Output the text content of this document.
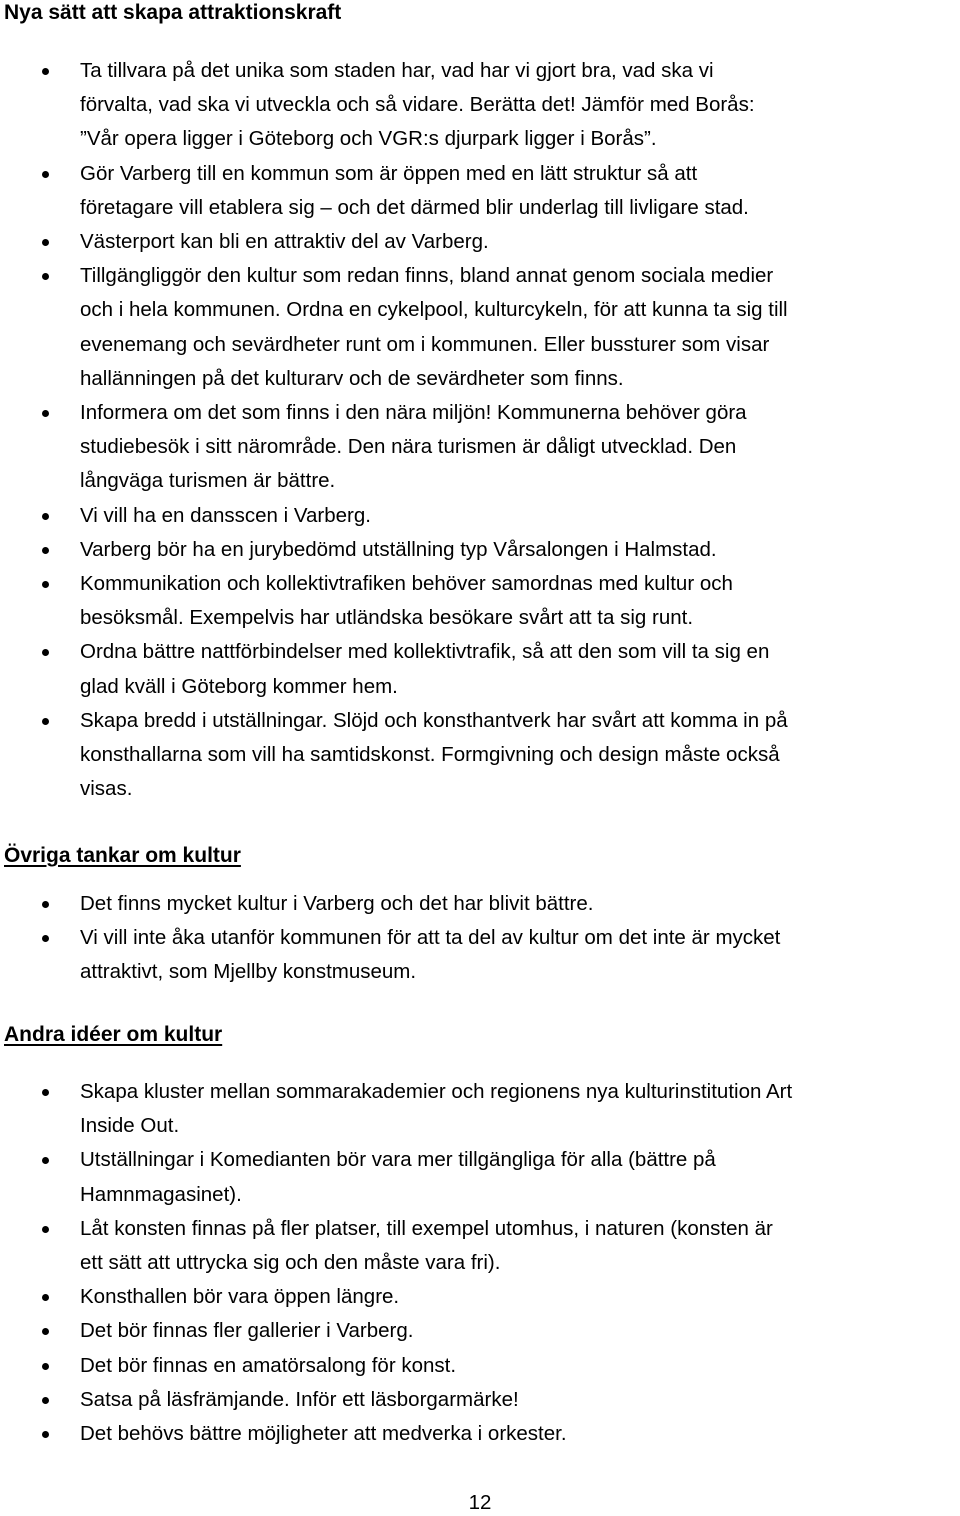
Nya sätt att skapa attraktionskraft
Ta tillvara på det unika som staden har, vad har vi gjort bra, vad ska vi
förvalta, vad ska vi utveckla och så vidare. Berätta det! Jämför med Borås:
”Vår opera ligger i Göteborg och VGR:s djurpark ligger i Borås”.
Gör Varberg till en kommun som är öppen med en lätt struktur så att
företagare vill etablera sig – och det därmed blir underlag till livligare stad.
Västerport kan bli en attraktiv del av Varberg.
Tillgängliggör den kultur som redan finns, bland annat genom sociala medier
och i hela kommunen. Ordna en cykelpool, kulturcykeln, för att kunna ta sig till
evenemang och sevärdheter runt om i kommunen. Eller bussturer som visar
hallänningen på det kulturarv och de sevärdheter som finns.
Informera om det som finns i den nära miljön! Kommunerna behöver göra
studiebesök i sitt närområde. Den nära turismen är dåligt utvecklad. Den
långväga turismen är bättre.
Vi vill ha en dansscen i Varberg.
Varberg bör ha en jurybedömd utställning typ Vårsalongen i Halmstad.
Kommunikation och kollektivtrafiken behöver samordnas med kultur och
besöksmål. Exempelvis har utländska besökare svårt att ta sig runt.
Ordna bättre nattförbindelser med kollektivtrafik, så att den som vill ta sig en
glad kväll i Göteborg kommer hem.
Skapa bredd i utställningar. Slöjd och konsthantverk har svårt att komma in på
konsthallarna som vill ha samtidskonst. Formgivning och design måste också
visas.
Övriga tankar om kultur
Det finns mycket kultur i Varberg och det har blivit bättre.
Vi vill inte åka utanför kommunen för att ta del av kultur om det inte är mycket
attraktivt, som Mjellby konstmuseum.
Andra idéer om kultur
Skapa kluster mellan sommarakademier och regionens nya kulturinstitution Art
Inside Out.
Utställningar i Komedianten bör vara mer tillgängliga för alla (bättre på
Hamnmagasinet).
Låt konsten finnas på fler platser, till exempel utomhus, i naturen (konsten är
ett sätt att uttrycka sig och den måste vara fri).
Konsthallen bör vara öppen längre.
Det bör finnas fler gallerier i Varberg.
Det bör finnas en amatörsalong för konst.
Satsa på läsfrämjande. Inför ett läsborgarmärke!
Det behövs bättre möjligheter att medverka i orkester.
12
